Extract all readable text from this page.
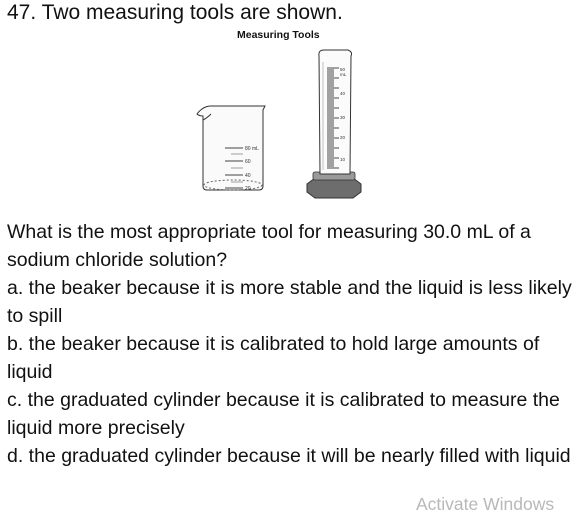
47. Two measuring tools are shown.
Measuring Tools
80 mL
60
40
20
50
mL
40
30
20
10

What is the most appropriate tool for measuring 30.0 mL of a sodium chloride solution?

a. the beaker because it is more stable and the liquid is less likely to spill

b. the beaker because it is calibrated to hold large amounts of liquid

c. the graduated cylinder because it is calibrated to measure the liquid more precisely

d. the graduated cylinder because it will be nearly filled with liquid

Activate Windows
